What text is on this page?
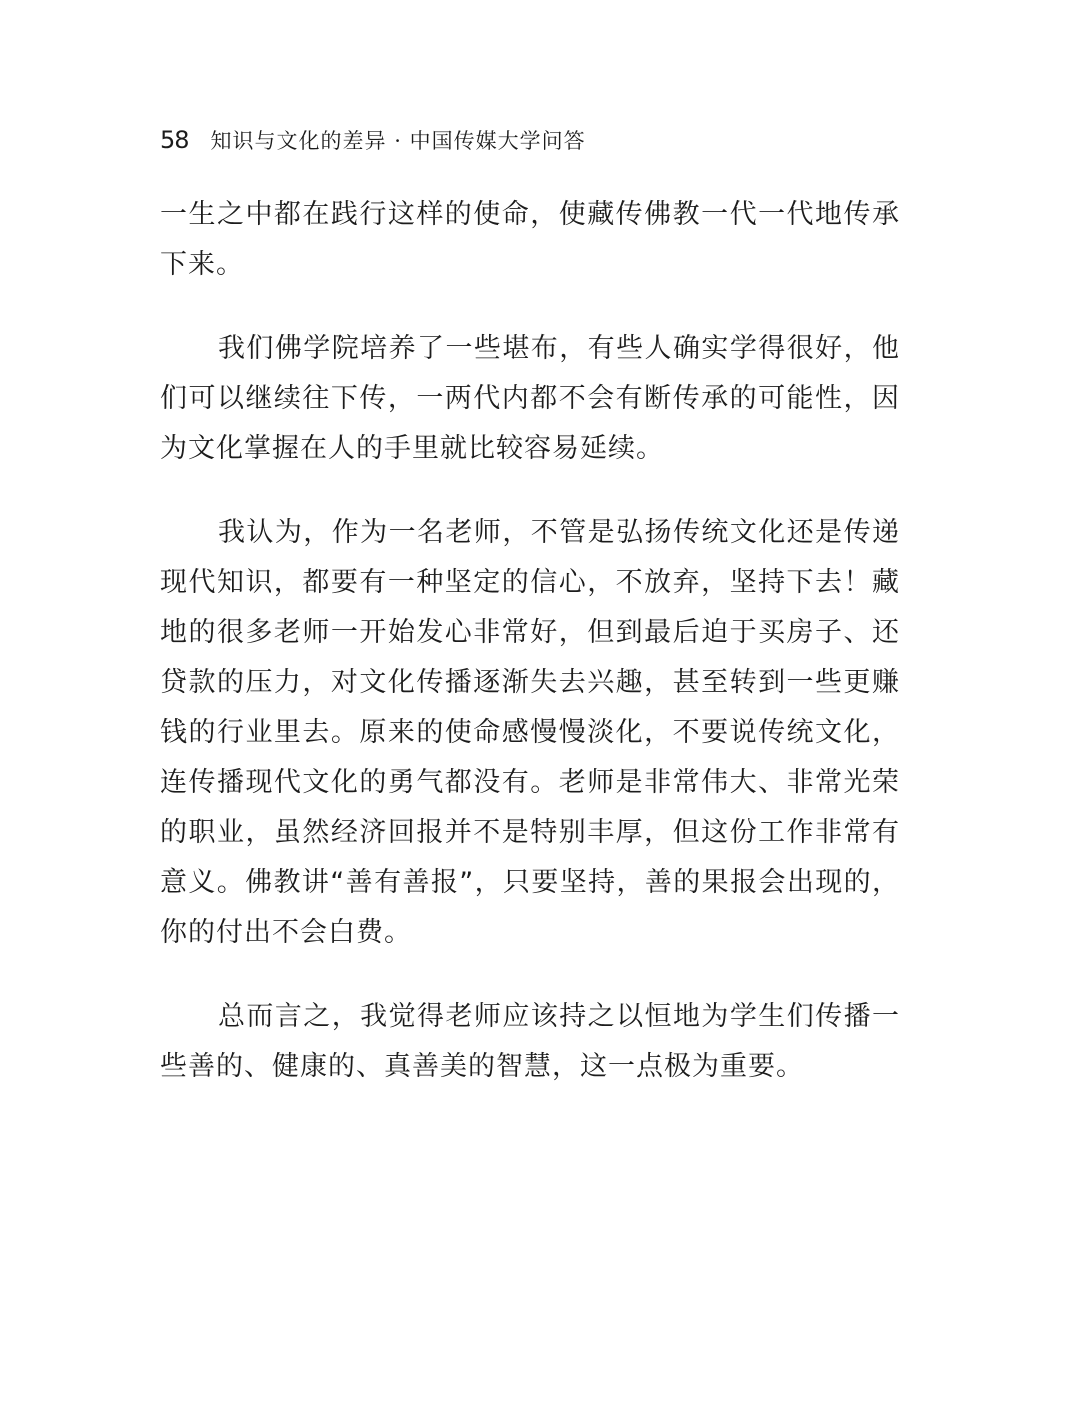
58 知识与文化的差异 · 中国传媒大学问答

一生之中都在践行这样的使命，使藏传佛教一代一代地传承下来。

我们佛学院培养了一些堪布，有些人确实学得很好，他们可以继续往下传，一两代内都不会有断传承的可能性，因为文化掌握在人的手里就比较容易延续。

我认为，作为一名老师，不管是弘扬传统文化还是传递现代知识，都要有一种坚定的信心，不放弃，坚持下去！藏地的很多老师一开始发心非常好，但到最后迫于买房子、还贷款的压力，对文化传播逐渐失去兴趣，甚至转到一些更赚钱的行业里去。原来的使命感慢慢淡化，不要说传统文化，连传播现代文化的勇气都没有。老师是非常伟大、非常光荣的职业，虽然经济回报并不是特别丰厚，但这份工作非常有意义。佛教讲“善有善报”，只要坚持，善的果报会出现的，你的付出不会白费。

总而言之，我觉得老师应该持之以恒地为学生们传播一些善的、健康的、真善美的智慧，这一点极为重要。
